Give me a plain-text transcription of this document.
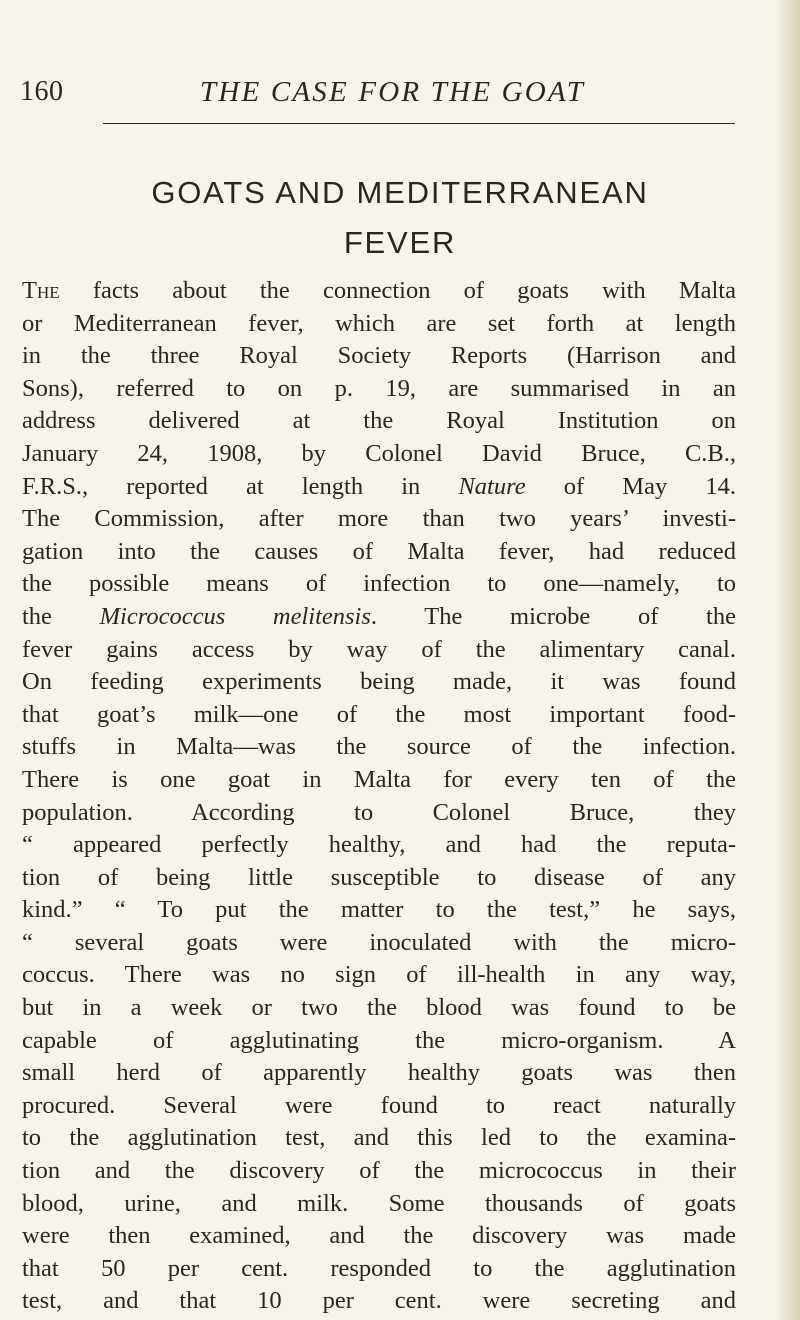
160	THE CASE FOR THE GOAT
GOATS AND MEDITERRANEAN
FEVER
The facts about the connection of goats with Malta
or Mediterranean fever, which are set forth at length
in the three Royal Society Reports (Harrison and
Sons), referred to on p. 19, are summarised in an
address delivered at the Royal Institution on
January 24, 1908, by Colonel David Bruce, C.B.,
F.R.S., reported at length in Nature of May 14.
The Commission, after more than two years’ investi-
gation into the causes of Malta fever, had reduced
the possible means of infection to one—namely, to
the Micrococcus melitensis. The microbe of the
fever gains access by way of the alimentary canal.
On feeding experiments being made, it was found
that goat’s milk—one of the most important food-
stuffs in Malta—was the source of the infection.
There is one goat in Malta for every ten of the
population. According to Colonel Bruce, they
“ appeared perfectly healthy, and had the reputa-
tion of being little susceptible to disease of any
kind.” “ To put the matter to the test,” he says,
“ several goats were inoculated with the micro-
coccus. There was no sign of ill-health in any way,
but in a week or two the blood was found to be
capable of agglutinating the micro-organism. A
small herd of apparently healthy goats was then
procured. Several were found to react naturally
to the agglutination test, and this led to the examina-
tion and the discovery of the micrococcus in their
blood, urine, and milk. Some thousands of goats
were then examined, and the discovery was made
that 50 per cent. responded to the agglutination
test, and that 10 per cent. were secreting and
